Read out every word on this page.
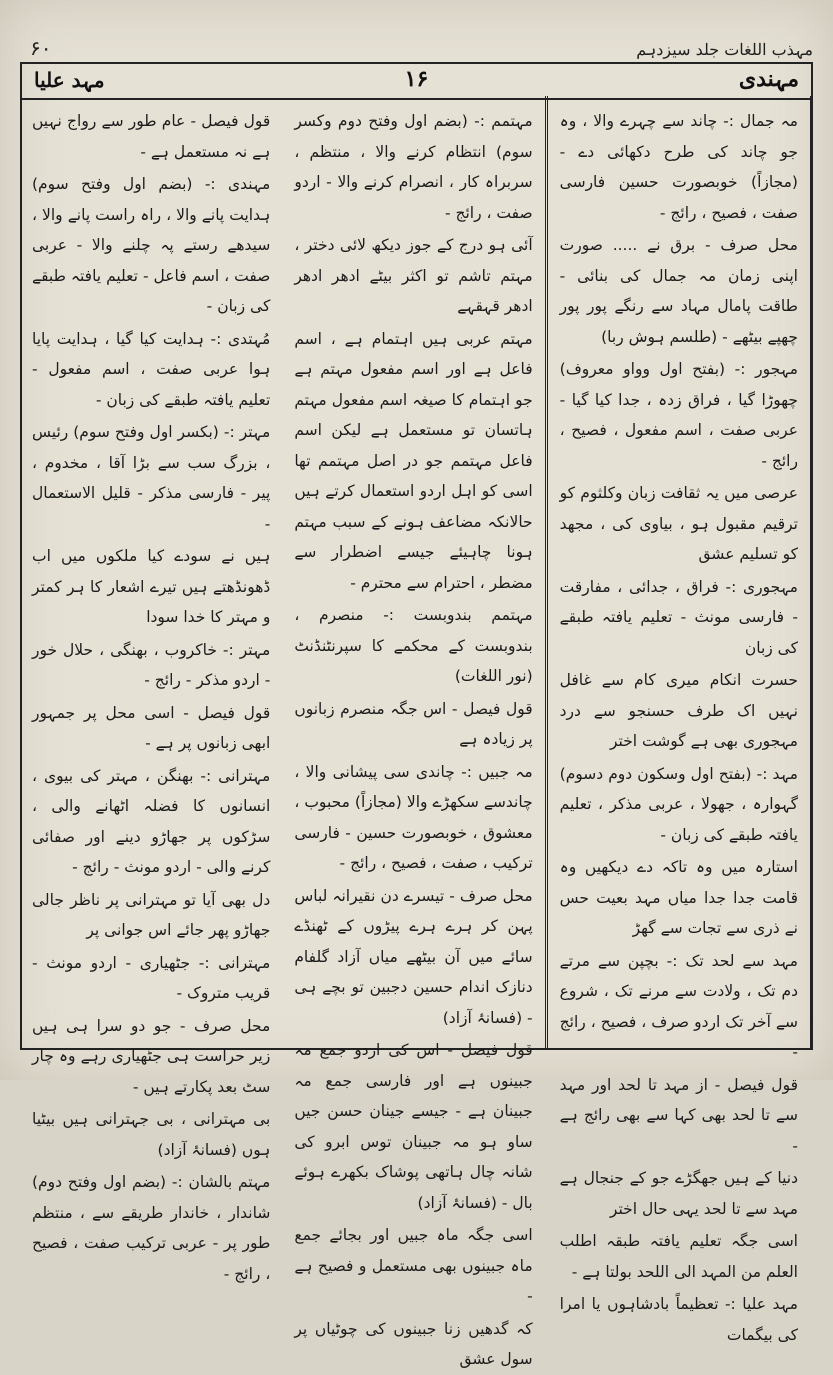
مہذب اللغات جلد سیزدہم
۶۰
مہندی
۱۶
مہد علیا

قول فیصل - عام طور سے رواج نہیں ہے نہ مستعمل ہے -

مہندی :- (بضم اول وفتح سوم) ہدایت پانے والا ، راہ راست پانے والا ، سیدھے رستے پہ چلنے والا - عربی صفت ، اسم فاعل - تعلیم یافتہ طبقے کی زبان -

مُہتدی :- ہدایت کیا گیا ، ہدایت پایا ہوا عربی صفت ، اسم مفعول - تعلیم یافتہ طبقے کی زبان -

مہتر :- (بکسر اول وفتح سوم) رئیس ، بزرگ سب سے بڑا آقا ، مخدوم ، پیر - فارسی مذکر - قلیل الاستعمال -

ہیں نے سودے کیا ملکوں میں اب ڈھونڈھتے ہیں تیرے اشعار کا ہر کمتر و مہتر کا خدا سودا

مہتر :- خاکروب ، بھنگی ، حلال خور - اردو مذکر - رائج -

قول فیصل - اسی محل پر جمہور ابھی زبانوں پر ہے -

مہترانی :- بھنگن ، مہتر کی بیوی ، انسانوں کا فضلہ اٹھانے والی ، سڑکوں پر جھاڑو دینے اور صفائی کرنے والی - اردو مونث - رائج -

دل بھی آیا تو مہترانی پر ناظر جالی جھاڑو پھر جائے اس جوانی پر

مہترانی :- جٹھیاری - اردو مونث - قریب متروک -

محل صرف - جو دو سرا ہی ہیں زیر حراست ہی جٹھیاری رہے وہ چار سٹ بعد پکارتے ہیں -

بی مہترانی ، بی جہترانی ہیں بیٹیا ہوں (فسانۂ آزاد)

مہتم بالشان :- (بضم اول وفتح دوم) شاندار ، خاندار طریقے سے ، منتظم طور پر - عربی ترکیب صفت ، فصیح ، رائج -

مہتمم :- (بضم اول وفتح دوم وکسر سوم) انتظام کرنے والا ، منتظم ، سربراہ کار ، انصرام کرنے والا - اردو صفت ، رائج -

آئی ہو درج کے جوز دیکھ لائی دختر ، مہتم تاشم تو اکثر بیٹے ادھر ادھر ادھر قہقہے

مہتم عربی ہیں اہتمام ہے ، اسم فاعل ہے اور اسم مفعول مہتم ہے جو اہتمام کا صیغہ اسم مفعول مہتم ہاتسان تو مستعمل ہے لیکن اسم فاعل مہتمم جو در اصل مہتمم تھا اسی کو اہل اردو استعمال کرتے ہیں حالانکہ مضاعف ہونے کے سبب مہتم ہونا چاہیئے جیسے اضطرار سے مضطر ، احترام سے محترم -

مہتمم بندوبست :- منصرم ، بندوبست کے محکمے کا سپرنٹنڈنٹ (نور اللغات)

قول فیصل - اس جگہ منصرم زبانوں پر زیادہ ہے

مہ جبیں :- چاندی سی پیشانی والا ، چاندسے سکھڑے والا (مجازاً) محبوب ، معشوق ، خوبصورت حسین - فارسی ترکیب ، صفت ، فصیح ، رائج -

محل صرف - تیسرے دن نقیرانہ لباس پہن کر ہرے ہرے پیڑوں کے ٹھنڈے سائے میں آن بیٹھے میاں آزاد گلفام دنازک اندام حسین دجبین تو بچے ہی - (فسانۂ آزاد)

قول فیصل - اس کی اردو جمع مہ جبینوں ہے اور فارسی جمع مہ جبینان ہے - جیسے جینان حسن جیں ساو ہو مہ جبینان توس ابرو کی شانہ چال ہاتھی پوشاک بکھرے ہوئے بال - (فسانۂ آزاد)

اسی جگہ ماہ جبیں اور بجائے جمع ماہ جبینوں بھی مستعمل و فصیح ہے -

کہ گدھیں زنا جبینوں کی چوٹیاں پر سول عشق

مہ جمال :- چاند سے چہرے والا ، وہ جو چاند کی طرح دکھائی دے - (مجازاً) خوبصورت حسین فارسی صفت ، فصیح ، رائج -

محل صرف - برق نے ..... صورت اپنی زمان مہ جمال کی بنائی - طاقت پامال مہاد سے رنگے پور پور چھپے بیٹھے - (طلسم ہوش ربا)

مہجور :- (بفتح اول وواو معروف) چھوڑا گیا ، فراق زدہ ، جدا کیا گیا - عربی صفت ، اسم مفعول ، فصیح ، رائج -

عرصی میں یہ ثقافت زبان وکلثوم کو ترقیم مقبول ہو ، بیاوی کی ، مجھد کو تسلیم عشق

مہجوری :- فراق ، جدائی ، مفارقت - فارسی مونث - تعلیم یافتہ طبقے کی زبان

حسرت انکام میری کام سے غافل نہیں اک طرف حسنجو سے درد مہجوری بھی ہے گوشت اختر

مہد :- (بفتح اول وسکون دوم دسوم) گہوارہ ، جھولا ، عربی مذکر ، تعلیم یافتہ طبقے کی زبان -

استارہ میں وہ تاکہ دے دیکھیں وہ قامت جدا جدا میاں مہد بعیت حس نے ذری سے تجات سے گھڑ

مہد سے لحد تک :- بچپن سے مرتے دم تک ، ولادت سے مرنے تک ، شروع سے آخر تک اردو صرف ، فصیح ، رائج -

قول فیصل - از مہد تا لحد اور مہد سے تا لحد بھی کہا سے بھی رائج ہے -

دنیا کے ہیں جھگڑے جو کے جنجال ہے مہد سے تا لحد یہی حال اختر

اسی جگہ تعلیم یافتہ طبقہ اطلب العلم من المہد الی اللحد بولتا ہے -

مہد علیا :- تعظیماً بادشاہوں یا امرا کی بیگمات
